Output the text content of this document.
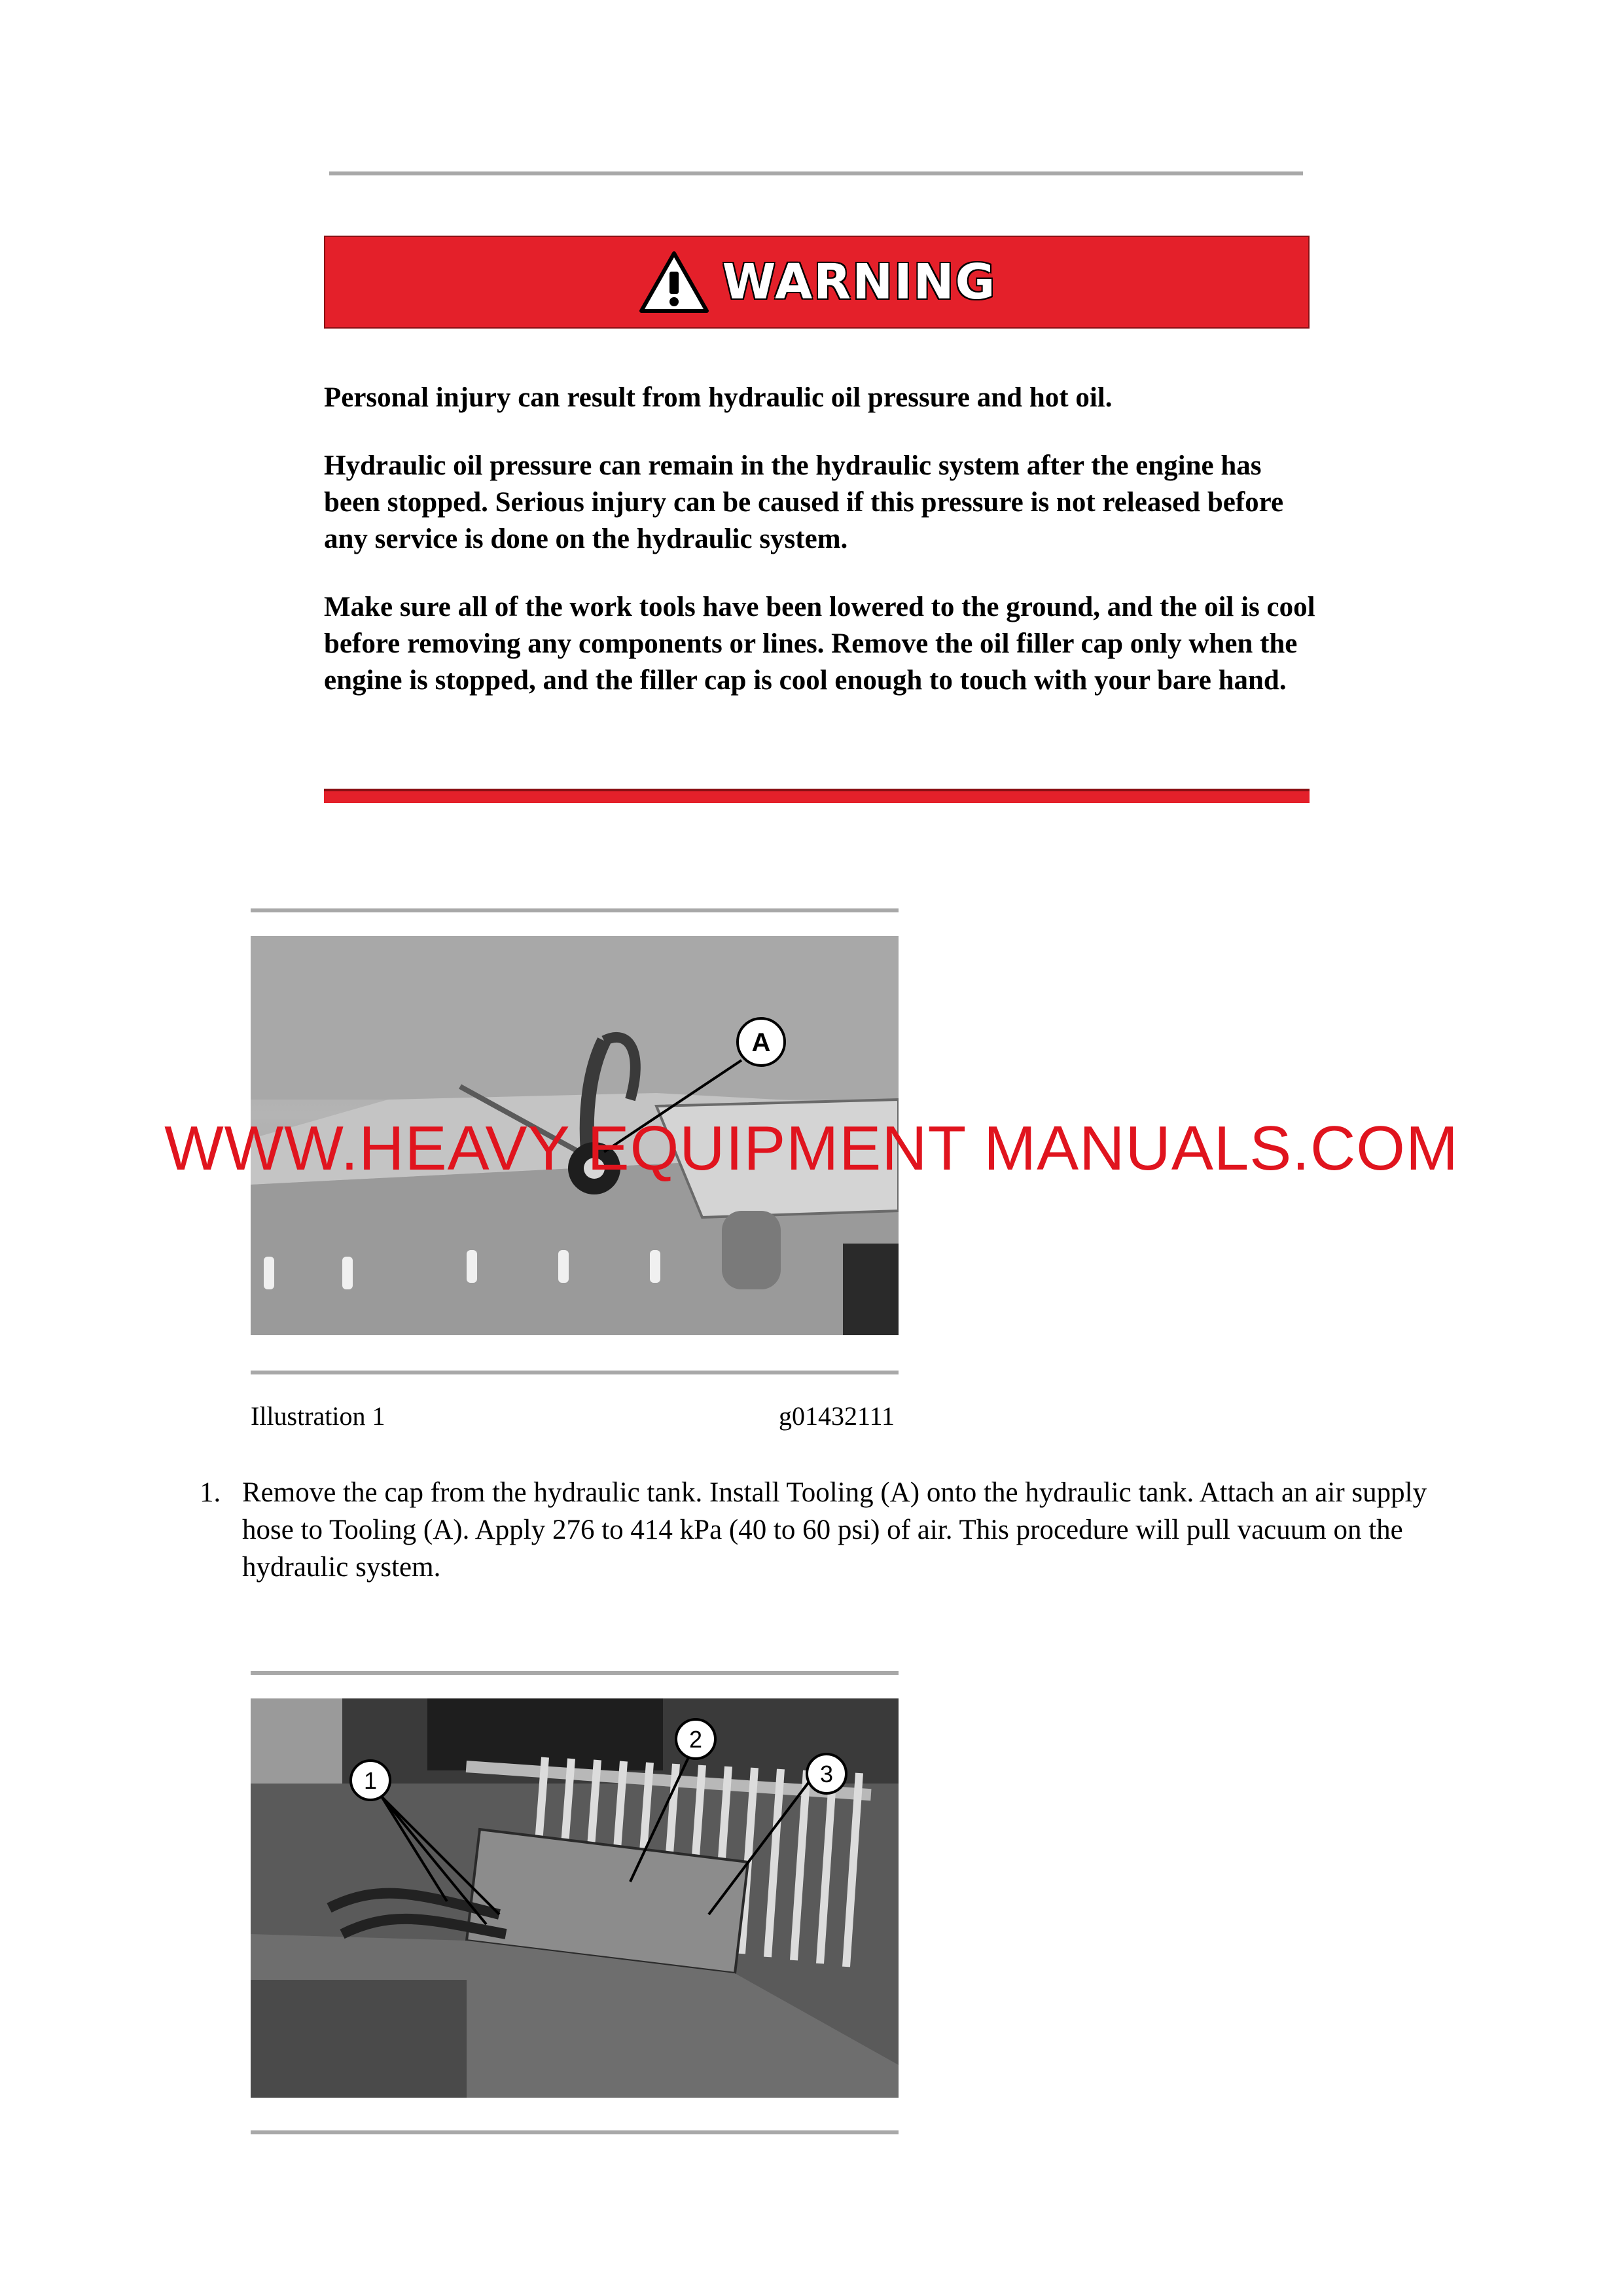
WARNING
Personal injury can result from hydraulic oil pressure and hot oil.
Hydraulic oil pressure can remain in the hydraulic system after the engine has been stopped. Serious injury can be caused if this pressure is not released before any service is done on the hydraulic system.
Make sure all of the work tools have been lowered to the ground, and the oil is cool before removing any components or lines. Remove the oil filler cap only when the engine is stopped, and the filler cap is cool enough to touch with your bare hand.
A
Illustration 1	g01432111
1. Remove the cap from the hydraulic tank. Install Tooling (A) onto the hydraulic tank. Attach an air supply hose to Tooling (A). Apply 276 to 414 kPa (40 to 60 psi) of air. This procedure will pull vacuum on the hydraulic system.
1
2
3
WWW.HEAVY EQUIPMENT MANUALS.COM
